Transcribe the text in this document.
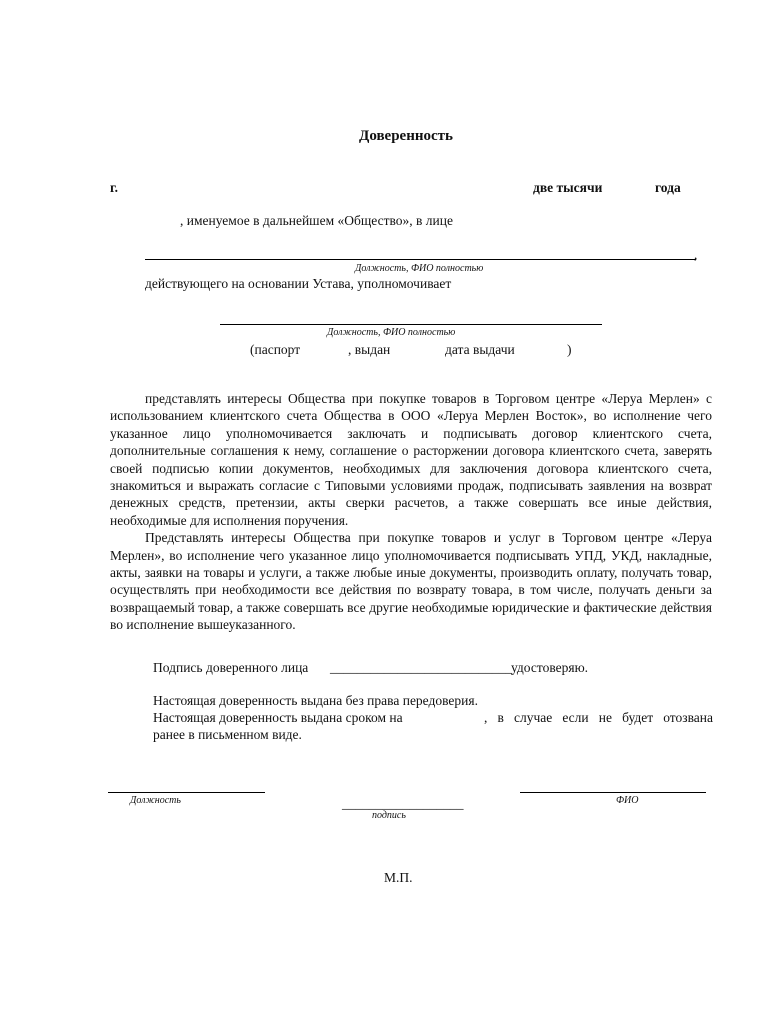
Доверенность
г.	две тысячи	года
, именуемое в дальнейшем «Общество», в лице
,
Должность, ФИО полностью
действующего на основании Устава, уполномочивает
Должность, ФИО полностью
(паспорт	, выдан	дата выдачи	)

представлять интересы Общества при покупке товаров в Торговом центре «Леруа Мерлен» с использованием клиентского счета Общества в ООО «Леруа Мерлен Восток», во исполнение чего указанное лицо уполномочивается заключать и подписывать договор клиентского счета, дополнительные соглашения к нему, соглашение о расторжении договора клиентского счета, заверять своей подписью копии документов, необходимых для заключения договора клиентского счета, знакомиться и выражать согласие с Типовыми условиями продаж, подписывать заявления на возврат денежных средств, претензии, акты сверки расчетов, а также совершать все иные действия, необходимые для исполнения поручения.

Представлять интересы Общества при покупке товаров и услуг в Торговом центре «Леруа Мерлен», во исполнение чего указанное лицо уполномочивается подписывать УПД, УКД, накладные, акты, заявки на товары и услуги, а также любые иные документы, производить оплату, получать товар, осуществлять при необходимости все действия по возврату товара, в том числе, получать деньги за возвращаемый товар, а также совершать все другие необходимые юридические и фактические действия во исполнение вышеуказанного.

Подпись доверенного лица ___________________________
удостоверяю.
Настоящая доверенность выдана без права передоверия.
Настоящая доверенность выдана сроком на	, в случае если не будет отозвана
ранее в письменном виде.
Должность	__________________
подпись
ФИО
М.П.
